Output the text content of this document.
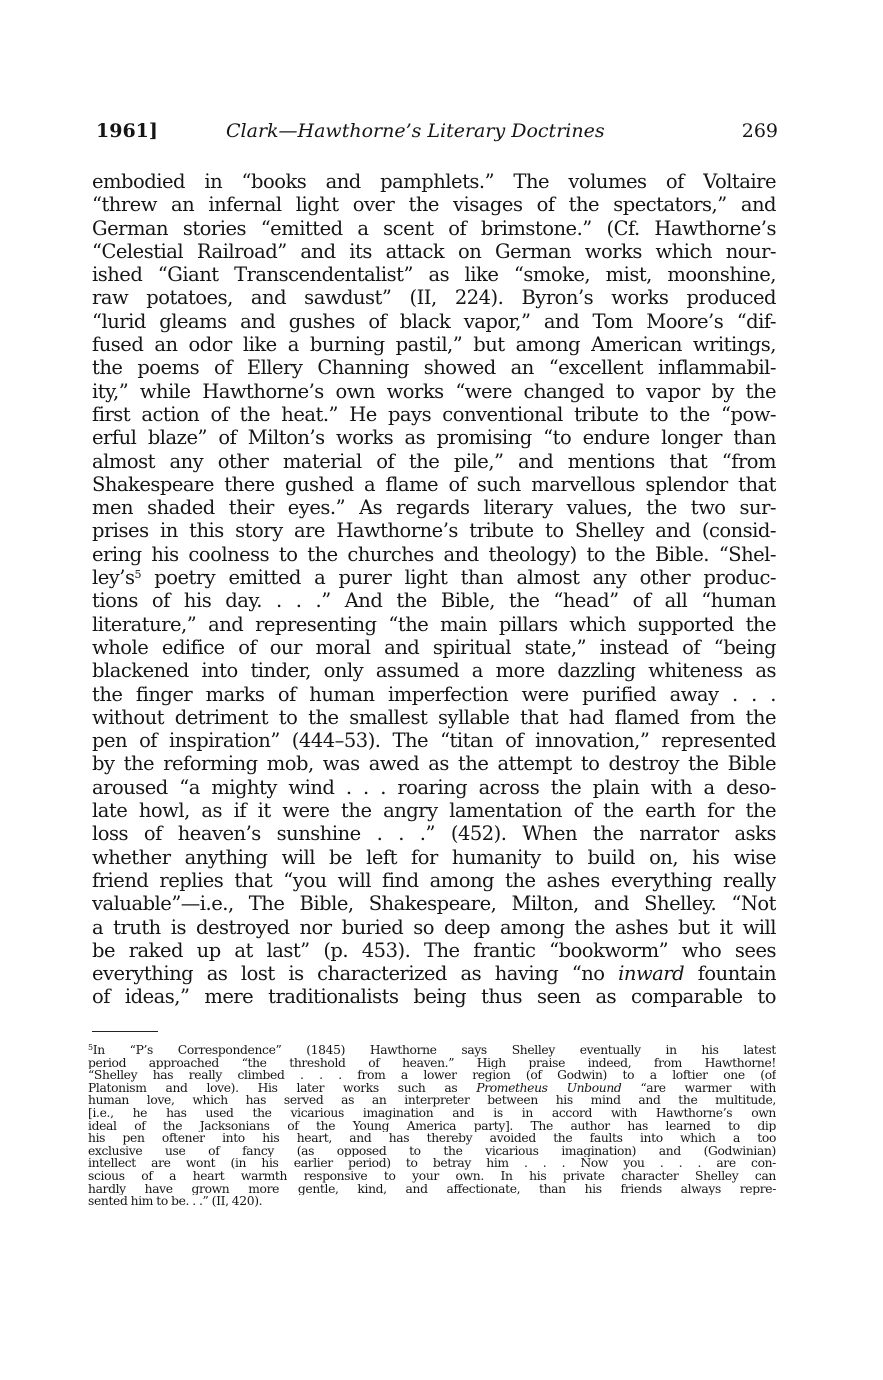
1961]	Clark—Hawthorne’s Literary Doctrines	269
embodied in “books and pamphlets.” The volumes of Voltaire
“threw an infernal light over the visages of the spectators,” and
German stories “emitted a scent of brimstone.” (Cf. Hawthorne’s
“Celestial Railroad” and its attack on German works which nour-
ished “Giant Transcendentalist” as like “smoke, mist, moonshine,
raw potatoes, and sawdust” (II, 224). Byron’s works produced
“lurid gleams and gushes of black vapor,” and Tom Moore’s “dif-
fused an odor like a burning pastil,” but among American writings,
the poems of Ellery Channing showed an “excellent inflammabil-
ity,” while Hawthorne’s own works “were changed to vapor by the
first action of the heat.” He pays conventional tribute to the “pow-
erful blaze” of Milton’s works as promising “to endure longer than
almost any other material of the pile,” and mentions that “from
Shakespeare there gushed a flame of such marvellous splendor that
men shaded their eyes.” As regards literary values, the two sur-
prises in this story are Hawthorne’s tribute to Shelley and (consid-
ering his coolness to the churches and theology) to the Bible. “Shel-
$ley’s^5$ poetry emitted a purer light than almost any other produc-
tions of his day. . . .” And the Bible, the “head” of all “human
literature,” and representing “the main pillars which supported the
whole edifice of our moral and spiritual state,” instead of “being
blackened into tinder, only assumed a more dazzling whiteness as
the finger marks of human imperfection were purified away . . .
without detriment to the smallest syllable that had flamed from the
pen of inspiration” (444–53). The “titan of innovation,” represented
by the reforming mob, was awed as the attempt to destroy the Bible
aroused “a mighty wind . . . roaring across the plain with a deso-
late howl, as if it were the angry lamentation of the earth for the
loss of heaven’s sunshine . . .” (452). When the narrator asks
whether anything will be left for humanity to build on, his wise
friend replies that “you will find among the ashes everything really
valuable”—i.e., The Bible, Shakespeare, Milton, and Shelley. “Not
a truth is destroyed nor buried so deep among the ashes but it will
be raked up at last” (p. 453). The frantic “bookworm” who sees
everything as lost is characterized as having “no inward fountain
of ideas,” mere traditionalists being thus seen as comparable to
$^5$In “P’s Correspondence” (1845) Hawthorne says Shelley eventually in his latest
period approached “the threshold of heaven.” High praise indeed, from Hawthorne!
“Shelley has really climbed . . . from a lower region (of Godwin) to a loftier one (of
Platonism and love). His later works such as Prometheus Unbound “are warmer with
human love, which has served as an interpreter between his mind and the multitude,
[i.e., he has used the vicarious imagination and is in accord with Hawthorne’s own
ideal of the Jacksonians of the Young America party]. The author has learned to dip
his pen oftener into his heart, and has thereby avoided the faults into which a too
exclusive use of fancy (as opposed to the vicarious imagination) and (Godwinian)
intellect are wont (in his earlier period) to betray him . . . Now you . . . are con-
scious of a heart warmth responsive to your own. In his private character Shelley can
hardly have grown more gentle, kind, and affectionate, than his friends always repre-
sented him to be. . .” (II, 420).
